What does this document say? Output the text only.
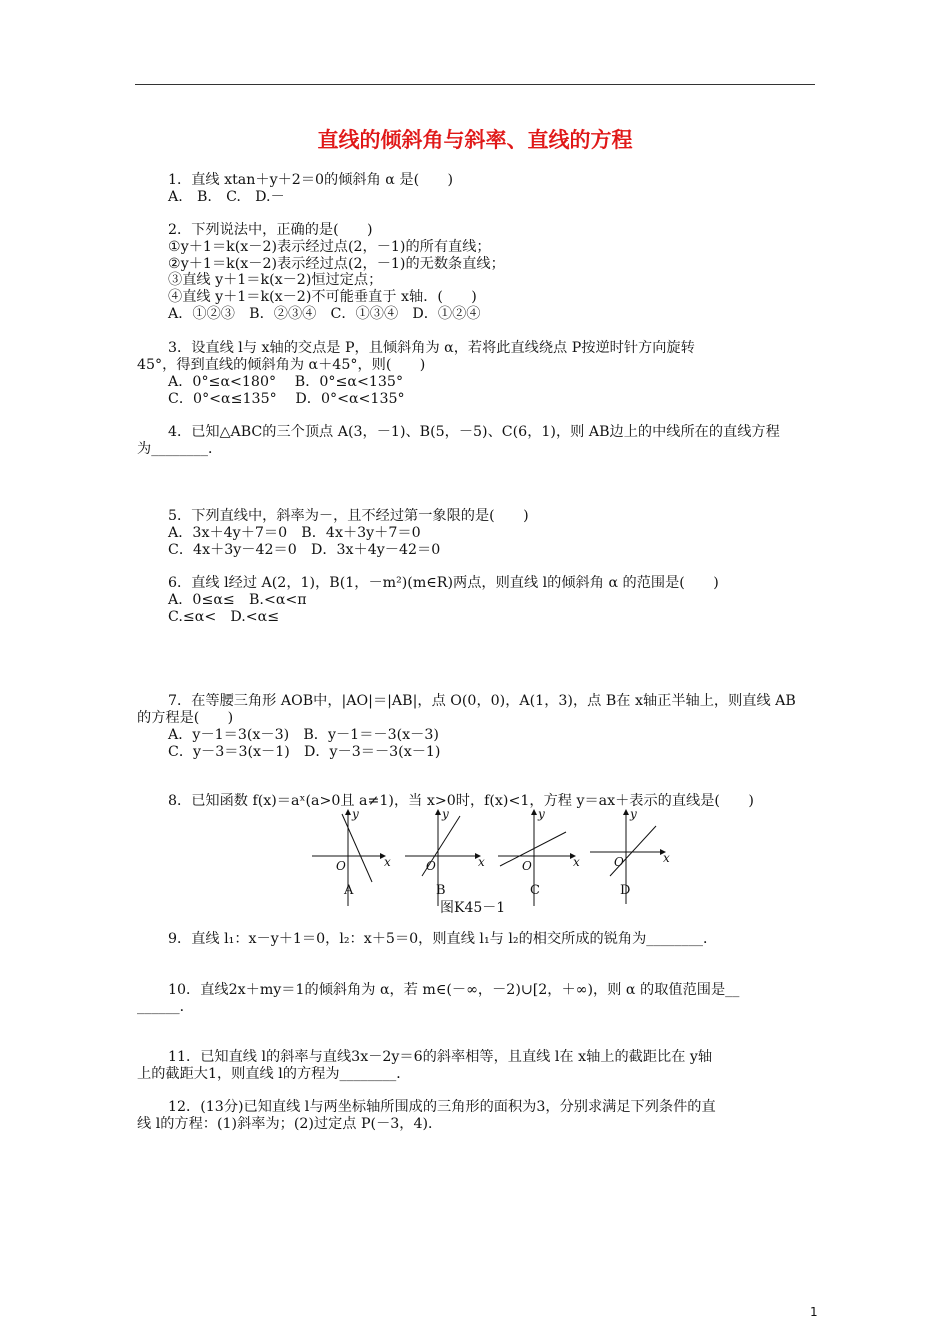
直线的倾斜角与斜率、直线的方程
1．直线 xtan＋y＋2＝0的倾斜角 α 是(　　)
A.　B.　C.　D.－
2．下列说法中，正确的是(　　)
①y＋1＝k(x－2)表示经过点(2，－1)的所有直线；
②y＋1＝k(x－2)表示经过点(2，－1)的无数条直线；
③直线 y＋1＝k(x－2)恒过定点；
④直线 y＋1＝k(x－2)不可能垂直于 x轴．(　　)
A．①②③　B．②③④　C．①③④　D．①②④
3．设直线 l与 x轴的交点是 P，且倾斜角为 α，若将此直线绕点 P按逆时针方向旋转
45°，得到直线的倾斜角为 α＋45°，则(　　)
A．0°≤α<180°　 B．0°≤α<135°
C．0°<α≤135°　 D．0°<α<135°
4．已知△ABC的三个顶点 A(3，－1)、B(5，－5)、C(6，1)，则 AB边上的中线所在的直线方程
为________．
5．下列直线中，斜率为－，且不经过第一象限的是(　　)
A．3x＋4y＋7＝0　B．4x＋3y＋7＝0
C．4x＋3y－42＝0　D．3x＋4y－42＝0
6．直线 l经过 A(2，1)，B(1，－m²)(m∈R)两点，则直线 l的倾斜角 α 的范围是(　　)
A．0≤α≤　B.<α<π
C.≤α<　D.<α≤
7．在等腰三角形 AOB中，|AO|＝|AB|，点 O(0，0)，A(1，3)，点 B在 x轴正半轴上，则直线 AB
的方程是(　　)
A．y－1＝3(x－3)　B．y－1＝－3(x－3)
C．y－3＝3(x－1)　D．y－3＝－3(x－1)
8．已知函数 f(x)＝aˣ(a>0且 a≠1)，当 x>0时，f(x)<1，方程 y＝ax＋表示的直线是(　　)
y
x
O
y
x
O
y
x
O
y
x
O
A	B	C	D
图K45－1
9．直线 l₁：x－y＋1＝0，l₂：x＋5＝0，则直线 l₁与 l₂的相交所成的锐角为________．
10．直线2x＋my＝1的倾斜角为 α，若 m∈(－∞，－2)∪[2，＋∞)，则 α 的取值范围是__
______．
11．已知直线 l的斜率与直线3x－2y＝6的斜率相等，且直线 l在 x轴上的截距比在 y轴
上的截距大1，则直线 l的方程为________．
12．(13分)已知直线 l与两坐标轴所围成的三角形的面积为3，分别求满足下列条件的直
线 l的方程：(1)斜率为；(2)过定点 P(－3，4)．
1
